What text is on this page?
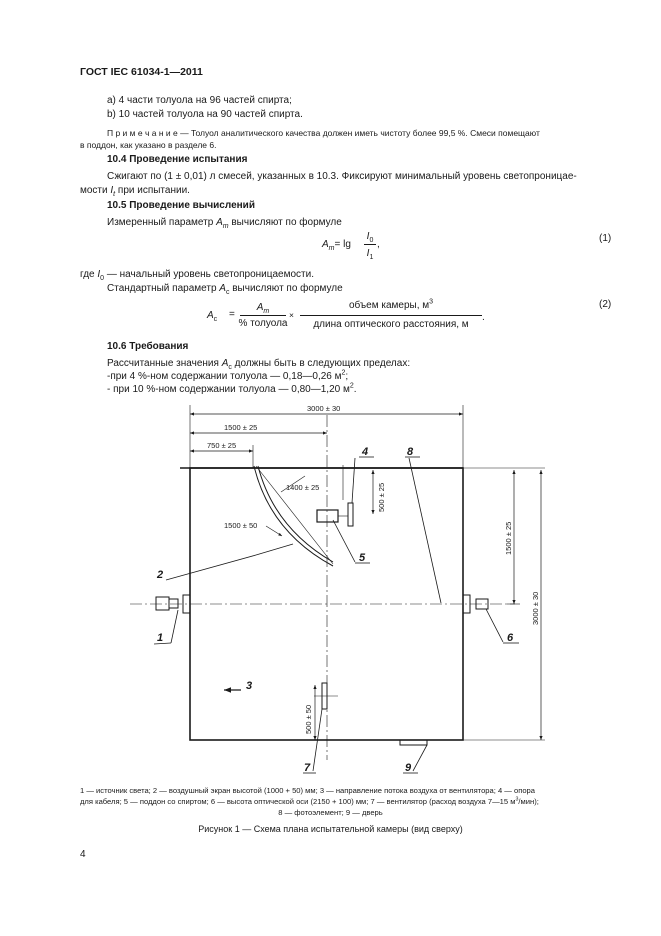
ГОСТ IEC 61034-1—2011
а) 4 части толуола на 96 частей спирта;
b) 10 частей толуола на 90 частей спирта.
П р и м е ч а н и е — Толуол аналитического качества должен иметь чистоту более 99,5 %. Смеси помещают
в поддон, как указано в разделе 6.
10.4 Проведение испытания
Сжигают по (1 ± 0,01) л смесей, указанных в 10.3. Фиксируют минимальный уровень светопроницае-
мости $I_t$ при испытании.
10.5 Проведение вычислений
Измеренный параметр $A_m$ вычисляют по формуле
$A_m= \lg$
$I_0$
$I_1$
,
(1)
где $I_0$ — начальный уровень светопроницаемости.
Стандартный параметр $A_c$ вычисляют по формуле
$A_c$ =
$A_m$
% толуола
×
объем камеры, $м^3$
длина оптического расстояния, м
.
(2)
10.6 Требования
Рассчитанные значения $A_c$ должны быть в следующих пределах:
-при 4 %-ном содержании толуола — 0,18—0,26 $м^2$;
- при 10 %-ном содержании толуола — 0,80—1,20 $м^2$.
3000 ± 30
1500 ± 25
750 ± 25
1400 ± 25
1500 ± 50
500 ± 25
1500 ± 25
3000 ± 30
500 ± 50
1
2
3
4
5
6
7
8
9
1 — источник света; 2 — воздушный экран высотой (1000 + 50) мм; 3 — направление потока воздуха от вентилятора; 4 — опора
для кабеля; 5 — поддон со спиртом; 6 — высота оптической оси (2150 + 100) мм; 7 — вентилятор (расход воздуха 7—15 $м^3/мин$);
8 — фотоэлемент; 9 — дверь
Рисунок 1 — Схема плана испытательной камеры (вид сверху)
4
